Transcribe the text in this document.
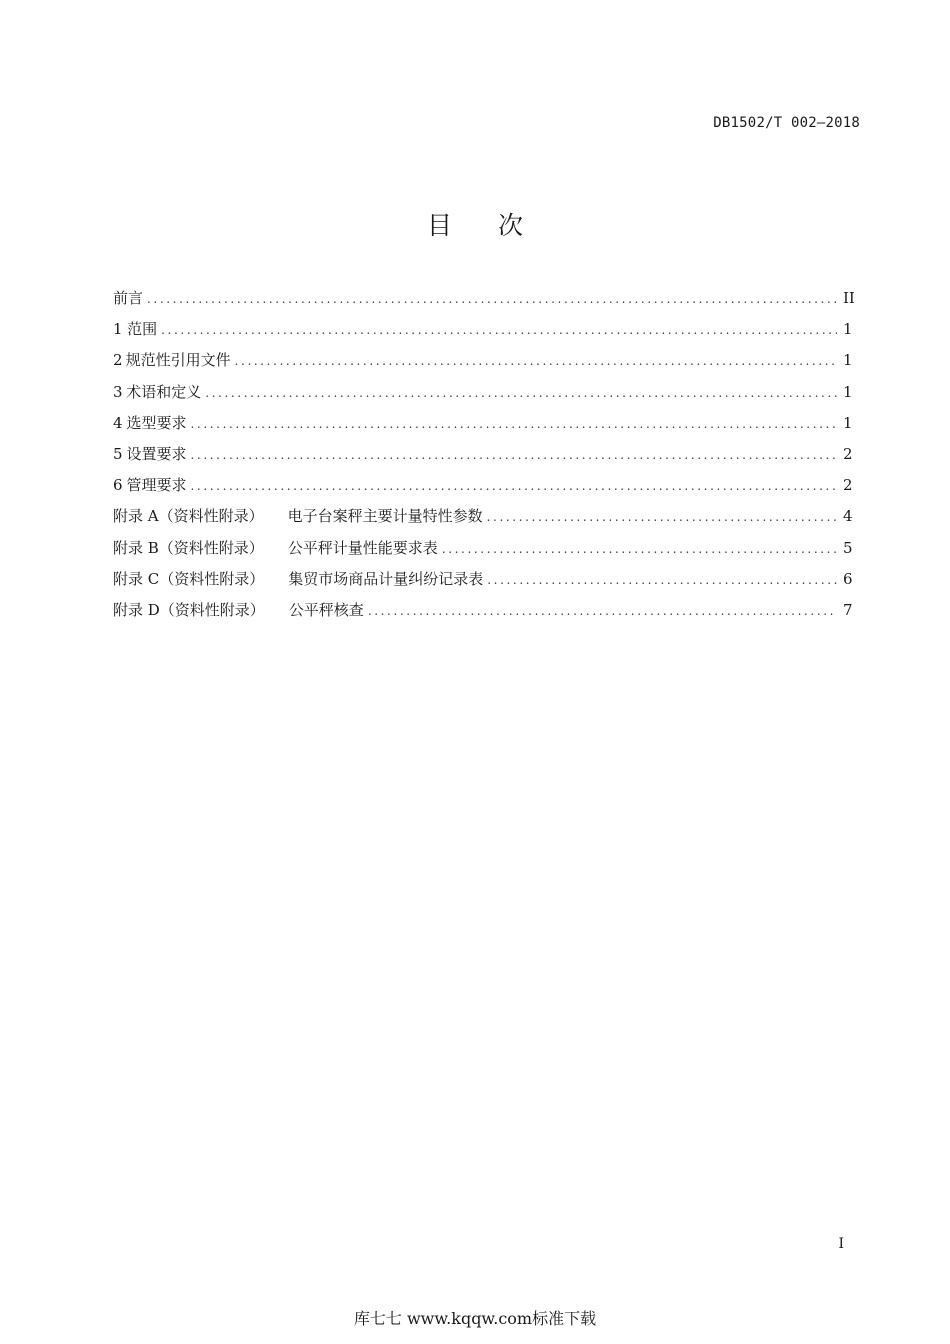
DB1502/T 002—2018
目 次
前言 .....	II
1 范围 .....	1
2 规范性引用文件 .....	1
3 术语和定义 .....	1
4 选型要求 .....	1
5 设置要求 .....	2
6 管理要求 .....	2
附录 A（资料性附录） 电子台案秤主要计量特性参数 .....	4
附录 B（资料性附录） 公平秤计量性能要求表 .....	5
附录 C（资料性附录） 集贸市场商品计量纠纷记录表 .....	6
附录 D（资料性附录） 公平秤核查 .....	7
I
库七七 www.kqqw.com标准下载
